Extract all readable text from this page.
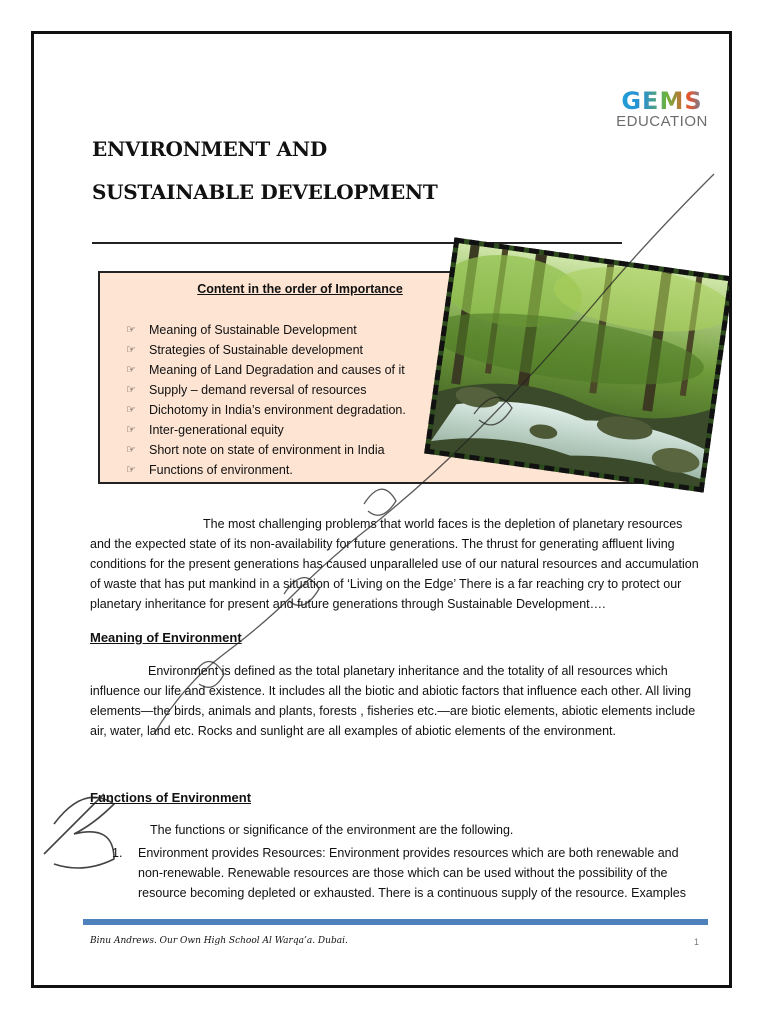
GEMS
EDUCATION
ENVIRONMENT AND
SUSTAINABLE DEVELOPMENT
Content in the order of Importance
☞	Meaning of Sustainable Development
☞	Strategies of Sustainable development
☞	Meaning of Land Degradation and causes of it
☞	Supply – demand reversal of resources
☞	Dichotomy in India’s environment degradation.
☞	Inter-generational equity
☞	Short note on state of environment in India
☞	Functions of environment.
The most challenging problems that world faces is the depletion of planetary resources and the expected state of its non-availability for future generations. The thrust for generating affluent living conditions for the present generations has caused unparalleled use of our natural resources and accumulation of waste that has put mankind in a situation of ‘Living on the Edge’ There is a far reaching cry to protect our planetary inheritance for present and future generations through Sustainable Development….
Meaning of Environment
Environment is defined as the total planetary inheritance and the totality of all resources which influence our life and existence. It includes all the biotic and abiotic factors that influence each other. All living elements—the birds, animals and plants, forests , fisheries etc.—are biotic elements, abiotic elements include air, water, land etc. Rocks and sunlight are all examples of abiotic elements of the environment.
Functions of Environment
The functions or significance of the environment are the following.
1.	Environment provides Resources: Environment provides resources which are both renewable and non-renewable. Renewable resources are those which can be used without the possibility of the resource becoming depleted or exhausted. There is a continuous supply of the resource. Examples
Binu Andrews. Our Own High School Al Warqa’a. Dubai.	1
